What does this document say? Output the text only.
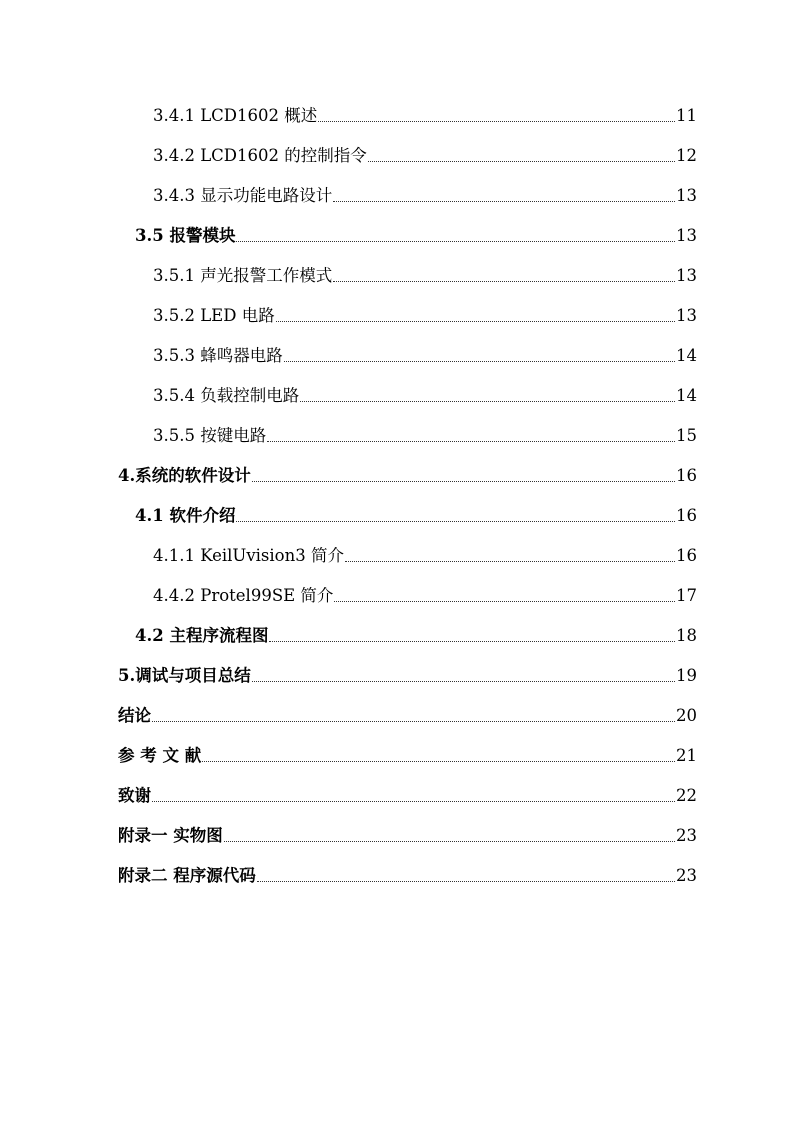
3.4.1 LCD1602 概述	11
3.4.2 LCD1602 的控制指令	12
3.4.3 显示功能电路设计	13
3.5 报警模块	13
3.5.1 声光报警工作模式	13
3.5.2 LED 电路	13
3.5.3 蜂鸣器电路	14
3.5.4 负载控制电路	14
3.5.5 按键电路	15
4.系统的软件设计	16
4.1 软件介绍	16
4.1.1 KeilUvision3 简介	16
4.4.2 Protel99SE 简介	17
4.2 主程序流程图	18
5.调试与项目总结	19
结论	20
参 考 文 献	21
致谢	22
附录一 实物图	23
附录二 程序源代码	23
